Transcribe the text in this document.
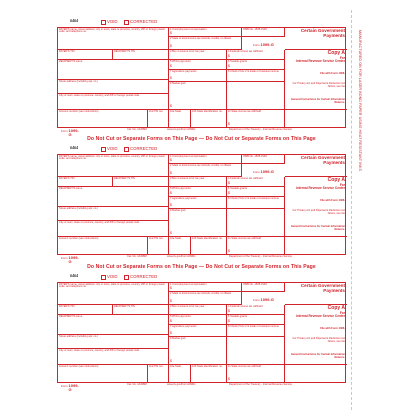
MANUFACTURED ON FOR LASER BOND PAPER USING HEAT RESISTANT INKS
Do Not Cut or Separate Forms on This Page — Do Not Cut or Separate Forms on This Page
Do Not Cut or Separate Forms on This Page — Do Not Cut or Separate Forms on This Page
6464	VOID	CORRECTED
PAYER'S name, street address, city or town, state or province, country, ZIP or foreign postal code, and telephone no.
1 Unemployment compensation
$
OMB No. 1545-0120
2 State or local income tax refunds, credits, or offsets
$	Form 1099-G
Certain Government Payments
PAYER'S TIN	RECIPIENT'S TIN	3 Box 2 amount is for tax year	4 Federal income tax withheld
$	Copy A
For
Internal Revenue Service Center
RECIPIENT'S name	5 RTAA payments
$
6 Taxable grants
$
File with Form 1096.
Street address (including apt. no.)
7 Agriculture payments
$
8 Check if box 2 is trade or business income
For Privacy Act and Paperwork Reduction Act Notice, see the
City or town, state or province, country, and ZIP or foreign postal code
9 Market gain
$
General Instructions for Certain Information Returns.
Account number (see instructions)	2nd TIN not.	10a State	10b State identification no.	11 State income tax withheld
$
Form 1099-G
Cat. No. 14438M	www.irs.gov/Form1099G	Department of the Treasury - Internal Revenue Service
6464	VOID	CORRECTED
PAYER'S name, street address, city or town, state or province, country, ZIP or foreign postal code, and telephone no.
1 Unemployment compensation
$
OMB No. 1545-0120
2 State or local income tax refunds, credits, or offsets
$	Form 1099-G
Certain Government Payments
PAYER'S TIN	RECIPIENT'S TIN	3 Box 2 amount is for tax year	4 Federal income tax withheld
$	Copy A
For
Internal Revenue Service Center
RECIPIENT'S name	5 RTAA payments
$
6 Taxable grants
$
File with Form 1096.
Street address (including apt. no.)
7 Agriculture payments
$
8 Check if box 2 is trade or business income
For Privacy Act and Paperwork Reduction Act Notice, see the
City or town, state or province, country, and ZIP or foreign postal code
9 Market gain
$
General Instructions for Certain Information Returns.
Account number (see instructions)	2nd TIN not.	10a State	10b State identification no.	11 State income tax withheld
$
Form 1099-G
Cat. No. 14438M	www.irs.gov/Form1099G	Department of the Treasury - Internal Revenue Service
6464	VOID	CORRECTED
PAYER'S name, street address, city or town, state or province, country, ZIP or foreign postal code, and telephone no.
1 Unemployment compensation
$
OMB No. 1545-0120
2 State or local income tax refunds, credits, or offsets
$	Form 1099-G
Certain Government Payments
PAYER'S TIN	RECIPIENT'S TIN	3 Box 2 amount is for tax year	4 Federal income tax withheld
$	Copy A
For
Internal Revenue Service Center
RECIPIENT'S name	5 RTAA payments
$
6 Taxable grants
$
File with Form 1096.
Street address (including apt. no.)
7 Agriculture payments
$
8 Check if box 2 is trade or business income
For Privacy Act and Paperwork Reduction Act Notice, see the
City or town, state or province, country, and ZIP or foreign postal code
9 Market gain
$
General Instructions for Certain Information Returns.
Account number (see instructions)	2nd TIN not.	10a State	10b State identification no.	11 State income tax withheld
$
Form 1099-G
Cat. No. 14438M	www.irs.gov/Form1099G	Department of the Treasury - Internal Revenue Service
